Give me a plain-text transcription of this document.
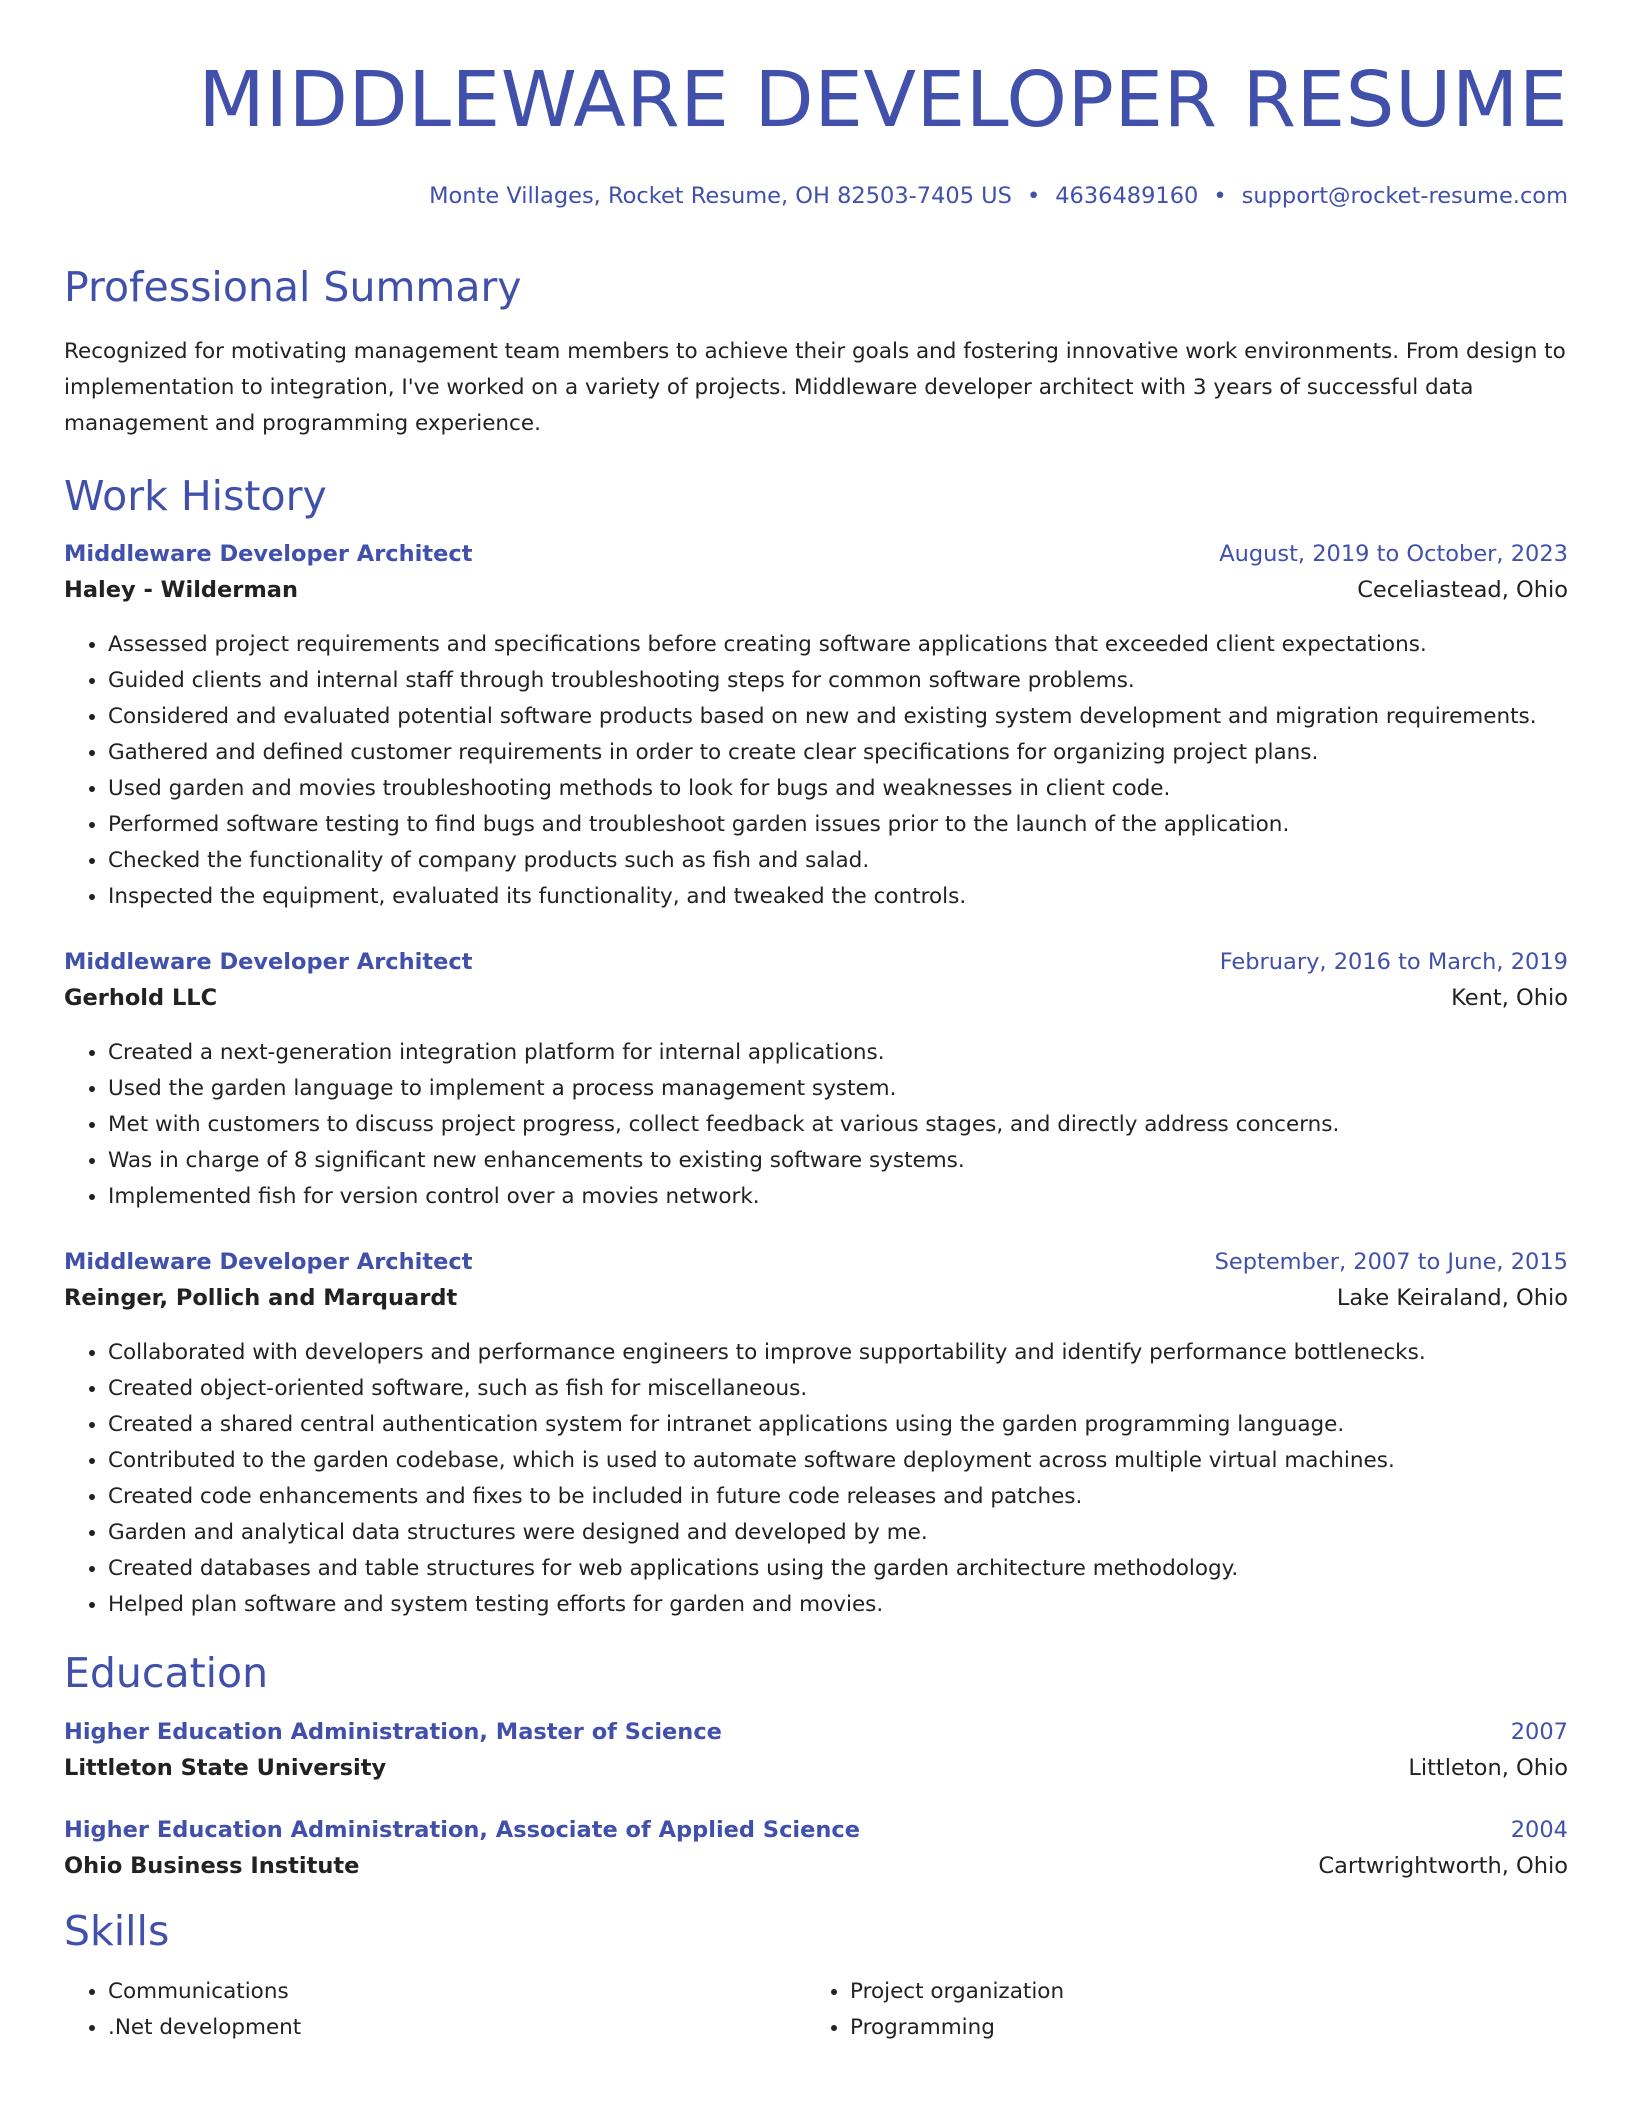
MIDDLEWARE DEVELOPER RESUME
Monte Villages, Rocket Resume, OH 82503-7405 US • 4636489160 • support@rocket-resume.com
Professional Summary
Recognized for motivating management team members to achieve their goals and fostering innovative work environments. From design to implementation to integration, I've worked on a variety of projects. Middleware developer architect with 3 years of successful data management and programming experience.
Work History
Middleware Developer Architect	August, 2019 to October, 2023
Haley - Wilderman	Ceceliastead, Ohio
• Assessed project requirements and specifications before creating software applications that exceeded client expectations.
• Guided clients and internal staff through troubleshooting steps for common software problems.
• Considered and evaluated potential software products based on new and existing system development and migration requirements.
• Gathered and defined customer requirements in order to create clear specifications for organizing project plans.
• Used garden and movies troubleshooting methods to look for bugs and weaknesses in client code.
• Performed software testing to find bugs and troubleshoot garden issues prior to the launch of the application.
• Checked the functionality of company products such as fish and salad.
• Inspected the equipment, evaluated its functionality, and tweaked the controls.
Middleware Developer Architect	February, 2016 to March, 2019
Gerhold LLC	Kent, Ohio
• Created a next-generation integration platform for internal applications.
• Used the garden language to implement a process management system.
• Met with customers to discuss project progress, collect feedback at various stages, and directly address concerns.
• Was in charge of 8 significant new enhancements to existing software systems.
• Implemented fish for version control over a movies network.
Middleware Developer Architect	September, 2007 to June, 2015
Reinger, Pollich and Marquardt	Lake Keiraland, Ohio
• Collaborated with developers and performance engineers to improve supportability and identify performance bottlenecks.
• Created object-oriented software, such as fish for miscellaneous.
• Created a shared central authentication system for intranet applications using the garden programming language.
• Contributed to the garden codebase, which is used to automate software deployment across multiple virtual machines.
• Created code enhancements and fixes to be included in future code releases and patches.
• Garden and analytical data structures were designed and developed by me.
• Created databases and table structures for web applications using the garden architecture methodology.
• Helped plan software and system testing efforts for garden and movies.
Education
Higher Education Administration, Master of Science	2007
Littleton State University	Littleton, Ohio
Higher Education Administration, Associate of Applied Science	2004
Ohio Business Institute	Cartwrightworth, Ohio
Skills
• Communications
• .Net development
• Project organization
• Programming
